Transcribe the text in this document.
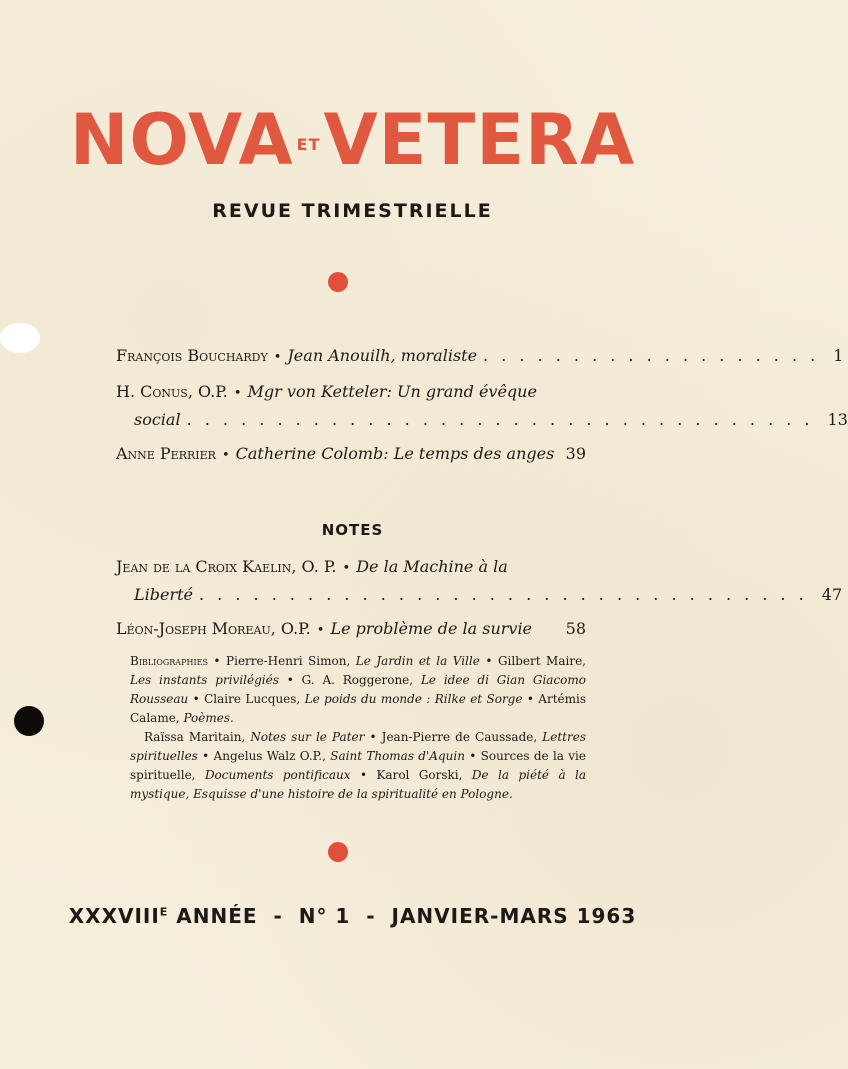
NOVA ETVETERA
REVUE TRIMESTRIELLE
François Bouchardy • Jean Anouilh, moraliste . . . . . . . . . . . . . . . . . . . 1
H. Conus, O.P. • Mgr von Ketteler: Un grand évêque
social . . . . . . . . . . . . . . . . . . . . . . . . . . . . . . . . . . . 13
Anne Perrier • Catherine Colomb: Le temps des anges 39
NOTES
Jean de la Croix Kaelin, O. P. • De la Machine à la
Liberté . . . . . . . . . . . . . . . . . . . . . . . . . . . . . . . . . . 47
Léon-Joseph Moreau, O.P. • Le problème de la survie	58

Bibliographies • Pierre-Henri Simon, Le Jardin et la Ville • Gilbert Maire, Les instants privilégiés • G. A. Roggerone, Le idee di Gian Giacomo Rousseau • Claire Lucques, Le poids du monde : Rilke et Sorge • Artémis Calame, Poèmes.

Raïssa Maritain, Notes sur le Pater • Jean-Pierre de Caussade, Lettres spirituelles • Angelus Walz O.P., Saint Thomas d'Aquin • Sources de la vie spirituelle, Documents pontificaux • Karol Gorski, De la piété à la mystique, Esquisse d'une histoire de la spiritualité en Pologne.

$XXXVIII^E$ ANNÉE  -  N° 1  -  JANVIER-MARS 1963
